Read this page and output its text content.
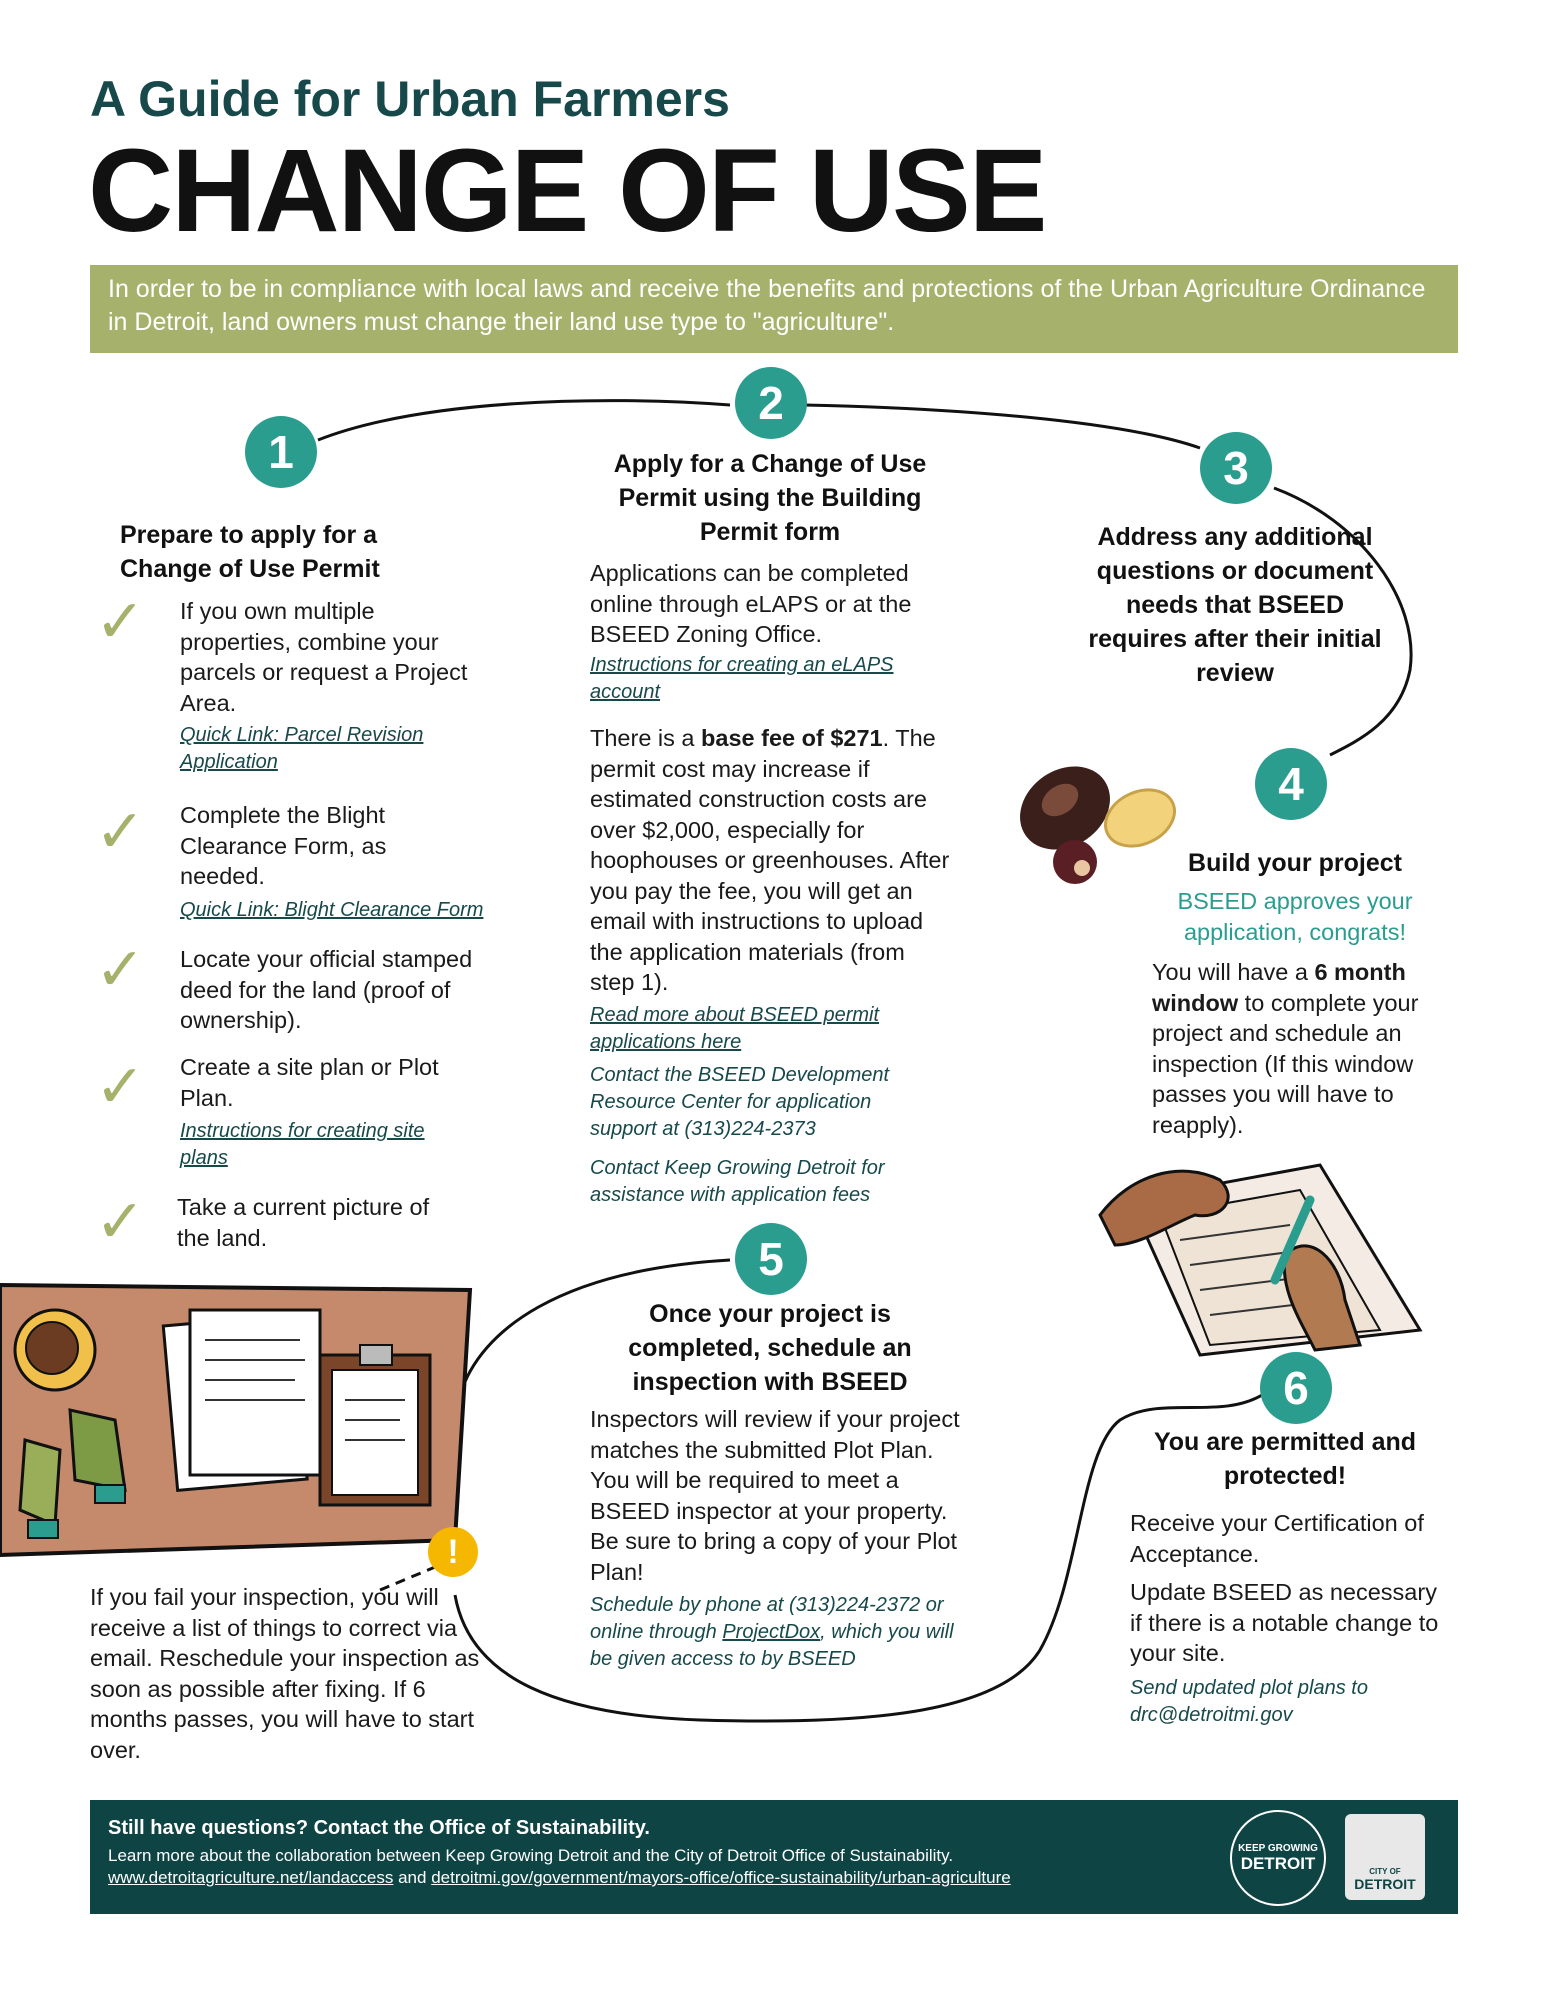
A Guide for Urban Farmers
CHANGE OF USE
In order to be in compliance with local laws and receive the benefits and protections of the Urban Agriculture Ordinance in Detroit, land owners must change their land use type to "agriculture".
1
Prepare to apply for a
Change of Use Permit
✓ If you own multiple properties, combine your parcels or request a Project Area.
Quick Link: Parcel Revision
Application
✓ Complete the Blight Clearance Form, as needed.
Quick Link: Blight Clearance Form
✓ Locate your official stamped deed for the land (proof of ownership).
✓ Create a site plan or Plot Plan.
Instructions for creating site
plans
✓ Take a current picture of the land.
2
Apply for a Change of Use Permit using the Building Permit form
Applications can be completed online through eLAPS or at the BSEED Zoning Office.
Instructions for creating an eLAPS
account
There is a base fee of $271. The permit cost may increase if estimated construction costs are over $2,000, especially for hoophouses or greenhouses. After you pay the fee, you will get an email with instructions to upload the application materials (from step 1).
Read more about BSEED permit
applications here
Contact the BSEED Development Resource Center for application support at (313)224-2373
Contact Keep Growing Detroit for assistance with application fees
3
Address any additional questions or document needs that BSEED requires after their initial review
4
Build your project
BSEED approves your application, congrats!
You will have a 6 month window to complete your project and schedule an inspection (If this window passes you will have to reapply).
5
Once your project is completed, schedule an inspection with BSEED
Inspectors will review if your project matches the submitted Plot Plan. You will be required to meet a BSEED inspector at your property. Be sure to bring a copy of your Plot Plan!
Schedule by phone at (313)224-2372 or online through ProjectDox, which you will be given access to by BSEED
!
If you fail your inspection, you will receive a list of things to correct via email. Reschedule your inspection as soon as possible after fixing. If 6 months passes, you will have to start over.
6
You are permitted and protected!
Receive your Certification of Acceptance.
Update BSEED as necessary if there is a notable change to your site.
Send updated plot plans to drc@detroitmi.gov
Still have questions? Contact the Office of Sustainability.
Learn more about the collaboration between Keep Growing Detroit and the City of Detroit Office of Sustainability.
www.detroitagriculture.net/landaccess and detroitmi.gov/government/mayors-office/office-sustainability/urban-agriculture
KEEP GROWING
DETROIT	CITY OF
DETROIT
